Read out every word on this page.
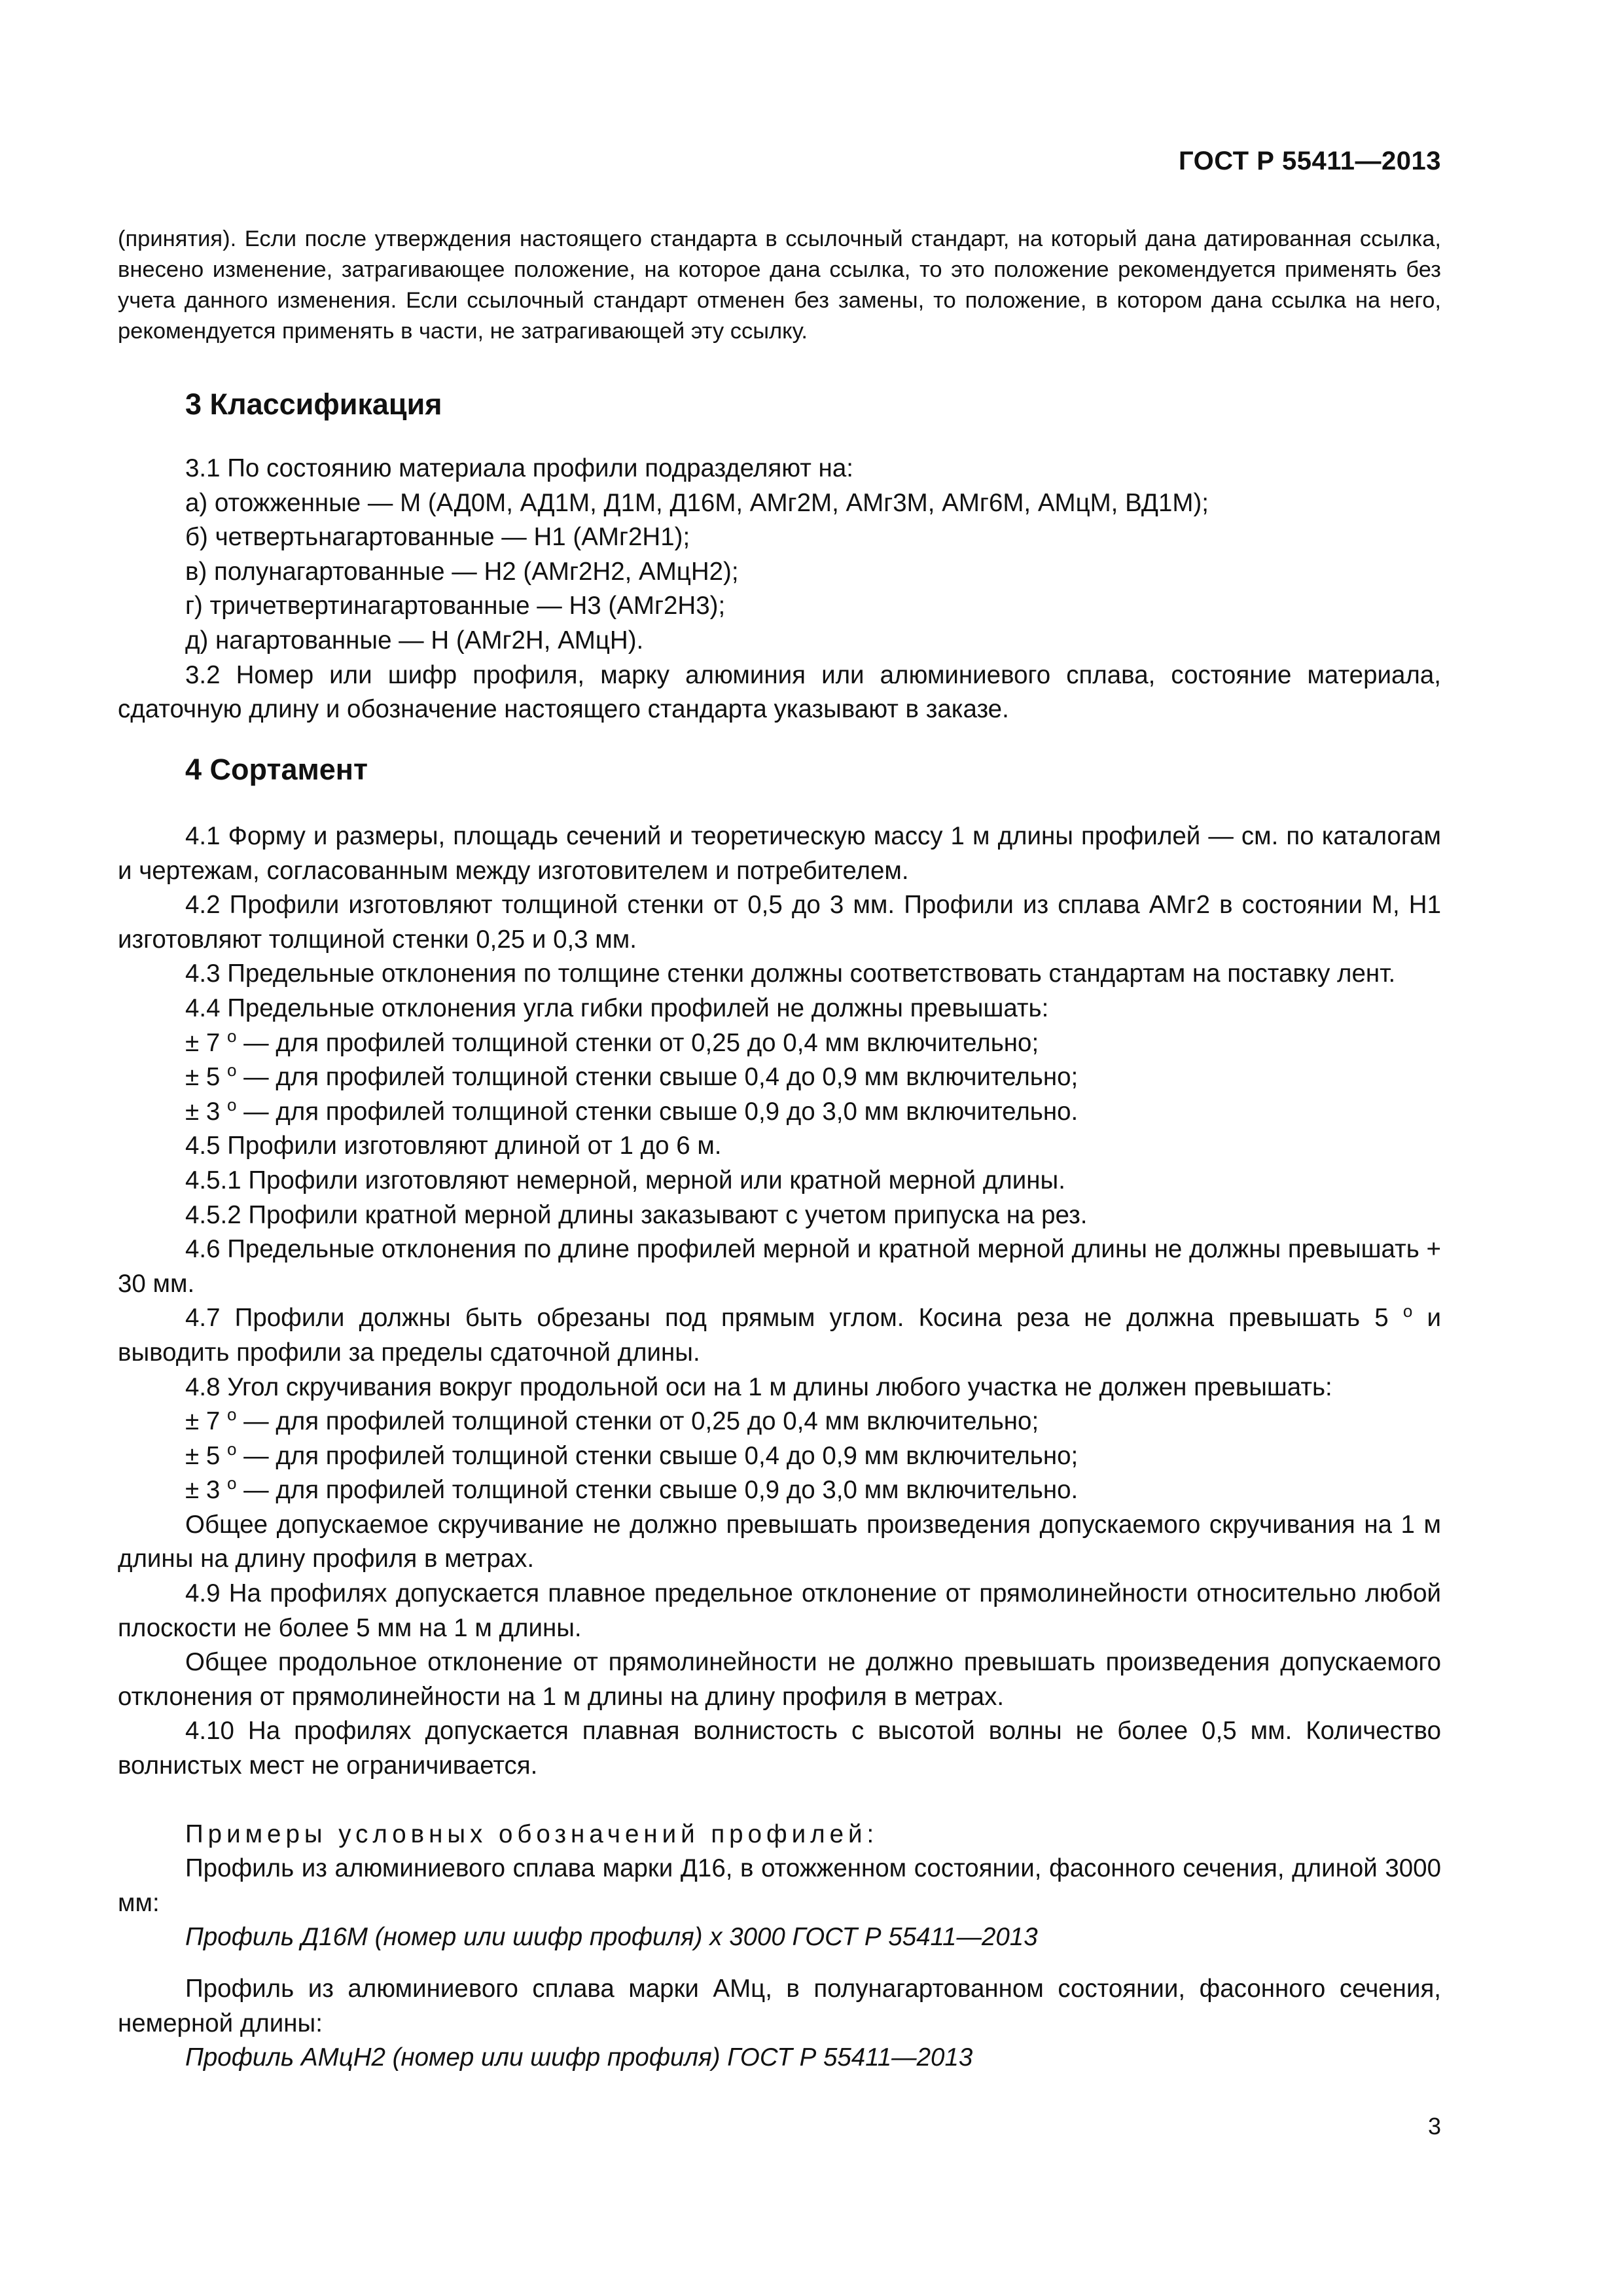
ГОСТ Р 55411—2013

(принятия). Если после утверждения настоящего стандарта в ссылочный стандарт, на который дана датированная ссылка, внесено изменение, затрагивающее положение, на которое дана ссылка, то это положение рекомендуется применять без учета данного изменения. Если ссылочный стандарт отменен без замены, то положение, в котором дана ссылка на него, рекомендуется применять в части, не затрагивающей эту ссылку.

3 Классификация

3.1 По состоянию материала профили подразделяют на:

а) отожженные — М (АД0М, АД1М, Д1М, Д16М, АМг2М, АМг3М, АМг6М, АМцМ, ВД1М);

б) четвертьнагартованные — Н1 (АМг2Н1);

в) полунагартованные — Н2 (АМг2Н2, АМцН2);

г) тричетвертинагартованные — Н3 (АМг2Н3);

д) нагартованные — Н (АМг2Н, АМцН).

3.2 Номер или шифр профиля, марку алюминия или алюминиевого сплава, состояние материала, сдаточную длину и обозначение настоящего стандарта указывают в заказе.

4 Сортамент

4.1 Форму и размеры, площадь сечений и теоретическую массу 1 м длины профилей — см. по каталогам и чертежам, согласованным между изготовителем и потребителем.

4.2 Профили изготовляют толщиной стенки от 0,5 до 3 мм. Профили из сплава АМг2 в состоянии М, Н1 изготовляют толщиной стенки 0,25 и 0,3 мм.

4.3 Предельные отклонения по толщине стенки должны соответствовать стандартам на поставку лент.

4.4 Предельные отклонения угла гибки профилей не должны превышать:

± 7 $^о$ — для профилей толщиной стенки от 0,25 до 0,4 мм включительно;

± 5 $^о$ — для профилей толщиной стенки свыше 0,4 до 0,9 мм включительно;

± 3 $^о$ — для профилей толщиной стенки свыше 0,9 до 3,0 мм включительно.

4.5 Профили изготовляют длиной от 1 до 6 м.

4.5.1 Профили изготовляют немерной, мерной или кратной мерной длины.

4.5.2 Профили кратной мерной длины заказывают с учетом припуска на рез.

4.6 Предельные отклонения по длине профилей мерной и кратной мерной длины не должны превышать + 30 мм.

4.7 Профили должны быть обрезаны под прямым углом. Косина реза не должна превышать 5 $^о$ и выводить профили за пределы сдаточной длины.

4.8 Угол скручивания вокруг продольной оси на 1 м длины любого участка не должен превышать:

± 7 $^о$ — для профилей толщиной стенки от 0,25 до 0,4 мм включительно;

± 5 $^о$ — для профилей толщиной стенки свыше 0,4 до 0,9 мм включительно;

± 3 $^о$ — для профилей толщиной стенки свыше 0,9 до 3,0 мм включительно.

Общее допускаемое скручивание не должно превышать произведения допускаемого скручивания на 1 м длины на длину профиля в метрах.

4.9 На профилях допускается плавное предельное отклонение от прямолинейности относительно любой плоскости не более 5 мм на 1 м длины.

Общее продольное отклонение от прямолинейности не должно превышать произведения допускаемого отклонения от прямолинейности на 1 м длины на длину профиля в метрах.

4.10 На профилях допускается плавная волнистость с высотой волны не более 0,5 мм. Количество волнистых мест не ограничивается.

Примеры условных обозначений профилей:

Профиль из алюминиевого сплава марки Д16, в отожженном состоянии, фасонного сечения, длиной 3000 мм:

Профиль Д16М (номер или шифр профиля) х 3000 ГОСТ Р 55411—2013

Профиль из алюминиевого сплава марки АМц, в полунагартованном состоянии, фасонного сечения, немерной длины:

Профиль АМцН2 (номер или шифр профиля) ГОСТ Р 55411—2013

3
